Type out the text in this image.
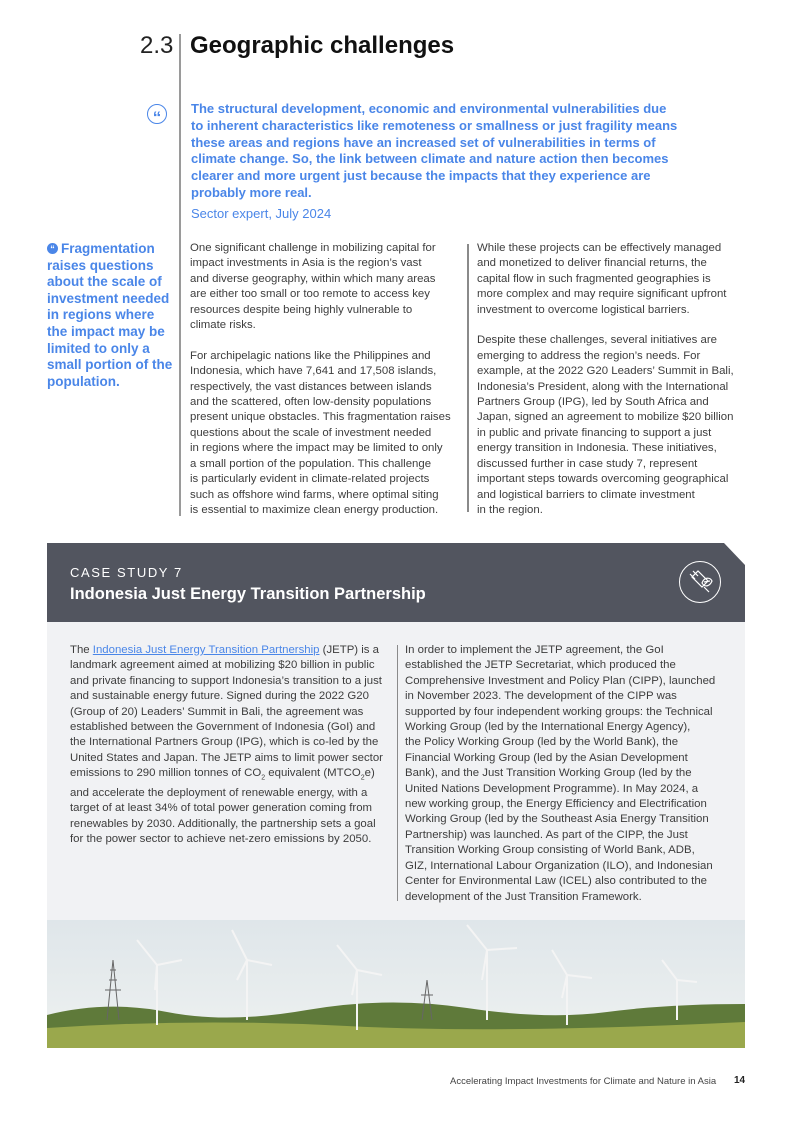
2.3 Geographic challenges
“	The structural development, economic and environmental vulnerabilities due
to inherent characteristics like remoteness or smallness or just fragility means
these areas and regions have an increased set of vulnerabilities in terms of
climate change. So, the link between climate and nature action then becomes
clearer and more urgent just because the impacts that they experience are
probably more real.
Sector expert, July 2024
“ Fragmentation
raises questions
about the scale of
investment needed
in regions where
the impact may be
limited to only a
small portion of the
population.
One significant challenge in mobilizing capital for
impact investments in Asia is the region’s vast
and diverse geography, within which many areas
are either too small or too remote to access key
resources despite being highly vulnerable to
climate risks.

For archipelagic nations like the Philippines and
Indonesia, which have 7,641 and 17,508 islands,
respectively, the vast distances between islands
and the scattered, often low-density populations
present unique obstacles. This fragmentation raises
questions about the scale of investment needed
in regions where the impact may be limited to only
a small portion of the population. This challenge
is particularly evident in climate-related projects
such as offshore wind farms, where optimal siting
is essential to maximize clean energy production.
While these projects can be effectively managed
and monetized to deliver financial returns, the
capital flow in such fragmented geographies is
more complex and may require significant upfront
investment to overcome logistical barriers.

Despite these challenges, several initiatives are
emerging to address the region’s needs. For
example, at the 2022 G20 Leaders’ Summit in Bali,
Indonesia’s President, along with the International
Partners Group (IPG), led by South Africa and
Japan, signed an agreement to mobilize $20 billion
in public and private financing to support a just
energy transition in Indonesia. These initiatives,
discussed further in case study 7, represent
important steps towards overcoming geographical
and logistical barriers to climate investment
in the region.
CASE STUDY 7
Indonesia Just Energy Transition Partnership
The Indonesia Just Energy Transition Partnership (JETP) is a
landmark agreement aimed at mobilizing $20 billion in public
and private financing to support Indonesia’s transition to a just
and sustainable energy future. Signed during the 2022 G20
(Group of 20) Leaders’ Summit in Bali, the agreement was
established between the Government of Indonesia (GoI) and
the International Partners Group (IPG), which is co-led by the
United States and Japan. The JETP aims to limit power sector
emissions to 290 million tonnes of $CO_2$ equivalent $(MTCO_2e)$
and accelerate the deployment of renewable energy, with a
target of at least 34% of total power generation coming from
renewables by 2030. Additionally, the partnership sets a goal
for the power sector to achieve net-zero emissions by 2050.
In order to implement the JETP agreement, the GoI
established the JETP Secretariat, which produced the
Comprehensive Investment and Policy Plan (CIPP), launched
in November 2023. The development of the CIPP was
supported by four independent working groups: the Technical
Working Group (led by the International Energy Agency),
the Policy Working Group (led by the World Bank), the
Financial Working Group (led by the Asian Development
Bank), and the Just Transition Working Group (led by the
United Nations Development Programme). In May 2024, a
new working group, the Energy Efficiency and Electrification
Working Group (led by the Southeast Asia Energy Transition
Partnership) was launched. As part of the CIPP, the Just
Transition Working Group consisting of World Bank, ADB,
GIZ, International Labour Organization (ILO), and Indonesian
Center for Environmental Law (ICEL) also contributed to the
development of the Just Transition Framework.
Accelerating Impact Investments for Climate and Nature in Asia 14
